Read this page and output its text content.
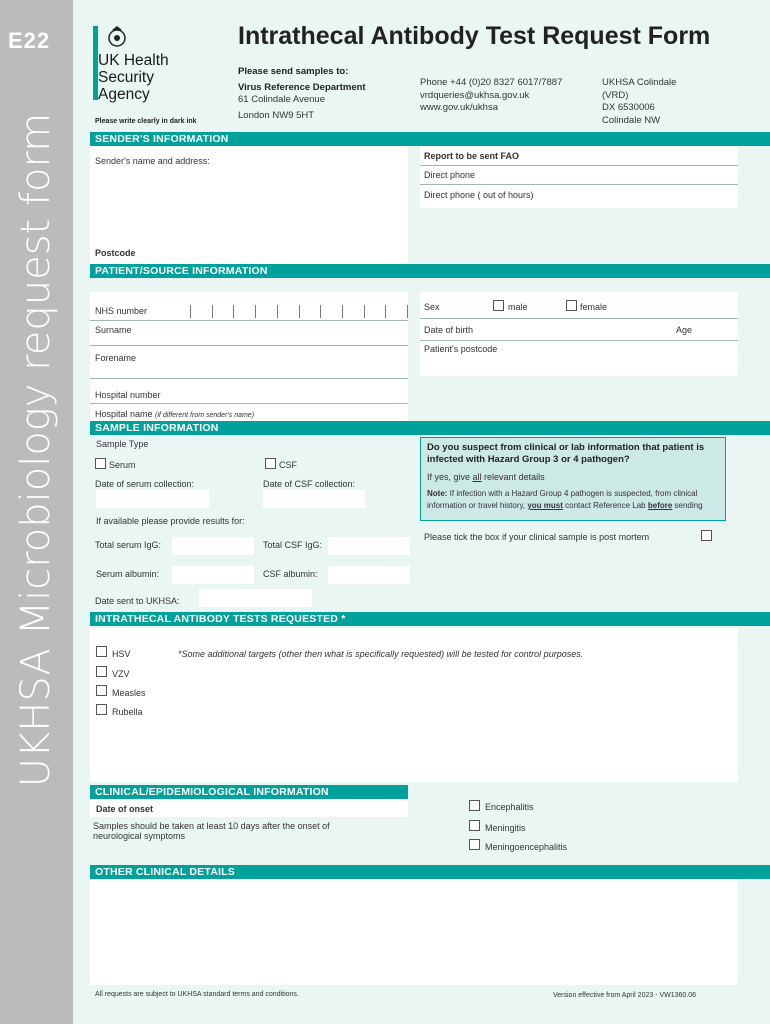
E22
UKHSA Microbiology request form
UK Health
Security
Agency
Intrathecal Antibody Test Request Form
Please send samples to:
Virus Reference Department
61 Colindale Avenue
London NW9 5HT
Phone +44 (0)20 8327 6017/7887
vrdqueries@ukhsa.gov.uk
www.gov.uk/ukhsa
UKHSA Colindale
(VRD)
DX 6530006
Colindale NW
Please write clearly in dark ink
SENDER'S INFORMATION
Sender's name and address:
Postcode
Report to be sent FAO
Direct phone
Direct phone ( out of hours)
PATIENT/SOURCE INFORMATION
NHS number
Surname
Forename
Hospital number
Hospital name (if different from sender's name)
Sex	male	female
Date of birth	Age
Patient's postcode
SAMPLE INFORMATION
Sample Type
Serum	CSF
Date of serum collection:	Date of CSF collection:
If available please provide results for:
Total serum IgG:	Total CSF IgG:
Serum albumin:	CSF albumin:
Date sent to UKHSA:
Do you suspect from clinical or lab information that patient is infected with Hazard Group 3 or 4 pathogen?
If yes, give all relevant details
Note: If infection with a Hazard Group 4 pathogen is suspected, from clinical information or travel history, you must contact Reference Lab before sending
Please tick the box if your clinical sample is post mortem
INTRATHECAL ANTIBODY TESTS REQUESTED *
HSV
VZV
Measles
Rubella
*Some additional targets (other then what is specifically requested) will be tested for control purposes.
CLINICAL/EPIDEMIOLOGICAL INFORMATION
Date of onset
Samples should be taken at least 10 days after the onset of
neurological symptoms
Encephalitis
Meningitis
Meningoencephalitis
OTHER CLINICAL DETAILS
All requests are subject to UKHSA standard terms and conditions.	Version effective from April 2023 - VW1360.06
